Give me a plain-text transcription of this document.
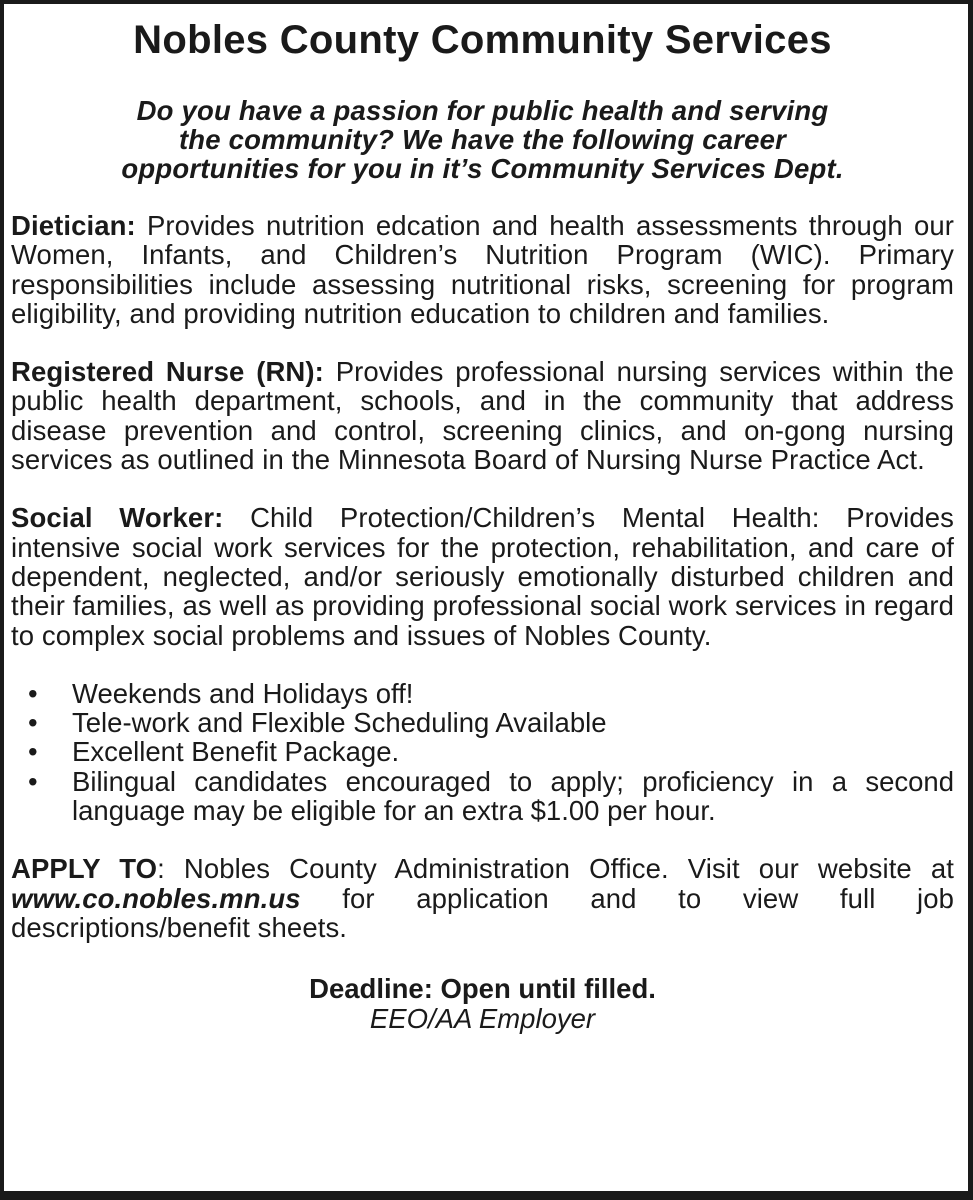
Nobles County Community Services

Do you have a passion for public health and serving
the community? We have the following career
opportunities for you in it’s Community Services Dept.

Dietician: Provides nutrition edcation and health assessments through our Women, Infants, and Children’s Nutrition Program (WIC). Primary responsibilities include assessing nutritional risks, screening for program eligibility, and providing nutrition education to children and families.

Registered Nurse (RN): Provides professional nursing services within the public health department, schools, and in the community that address disease prevention and control, screening clinics, and on-gong nursing services as outlined in the Minnesota Board of Nursing Nurse Practice Act.

Social Worker: Child Protection/Children’s Mental Health: Provides intensive social work services for the protection, rehabilitation, and care of dependent, neglected, and/or seriously emotionally disturbed children and their families, as well as providing professional social work services in regard to complex social problems and issues of Nobles County.

• Weekends and Holidays off!
• Tele-work and Flexible Scheduling Available
• Excellent Benefit Package.
• Bilingual candidates encouraged to apply; proficiency in a second language may be eligible for an extra $1.00 per hour.

APPLY TO: Nobles County Administration Office. Visit our website at www.co.nobles.mn.us for application and to view full job descriptions/benefit sheets.

Deadline: Open until filled.

EEO/AA Employer
